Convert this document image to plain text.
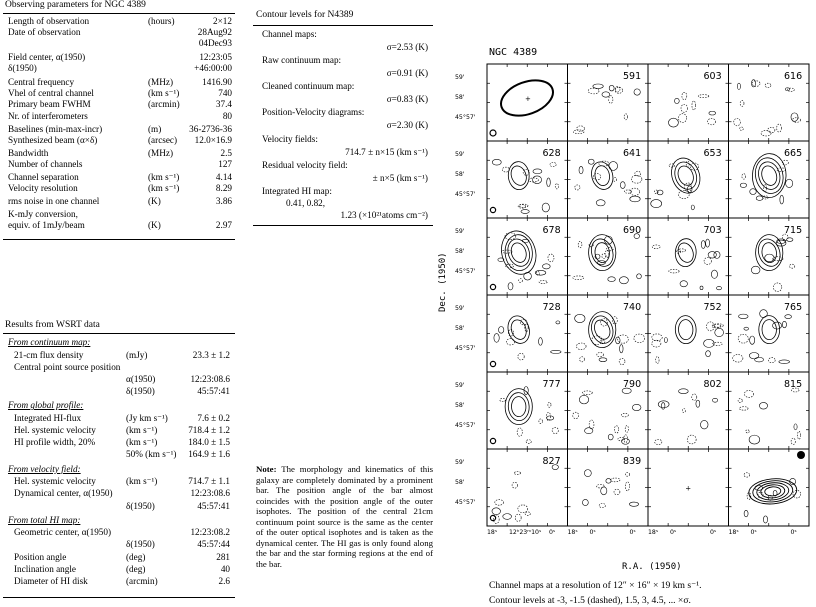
Observing parameters for NGC 4389
Length of observation	(hours)	2×12
Date of observation	28Aug92
04Dec93
Field center, α(1950)	12:23:05
δ(1950)	+46:00:00
Central frequency	(MHz)	1416.90
Vhel of central channel	(km s⁻¹)	740
Primary beam FWHM	(arcmin)	37.4
Nr. of interferometers	80
Baselines (min-max-incr)	(m)	36-2736-36
Synthesized beam (α×δ)	(arcsec) 12.0×16.9
Bandwidth	(MHz)	2.5
Number of channels	127
Channel separation	(km s⁻¹)	4.14
Velocity resolution	(km s⁻¹)	8.29
rms noise in one channel	(K)	3.86
K-mJy conversion,
equiv. of 1mJy/beam	(K)	2.97
Contour levels for N4389
Channel maps:
σ=2.53 (K)
Raw continuum map:
σ=0.91 (K)
Cleaned continuum map:
σ=0.83 (K)
Position-Velocity diagrams:
σ=2.30 (K)
Velocity fields:
714.7 ± n×15 (km s⁻¹)
Residual velocity field:
± n×5 (km s⁻¹)
Integrated HI map:
0.41, 0.82,
1.23 (×10²¹atoms cm⁻²)
Results from WSRT data
From continuum map:
21-cm flux density	(mJy)	23.3 ± 1.2
Central point source position
α(1950)	12:23:08.6
δ(1950)	45:57:41
From global profile:
Integrated HI-flux	(Jy km s⁻¹)	7.6 ± 0.2
Hel. systemic velocity	(km s⁻¹)	718.4 ± 1.2
HI profile width, 20%	(km s⁻¹)	184.0 ± 1.5
50% (km s⁻¹) 164.9 ± 1.6
From velocity field:
Hel. systemic velocity	(km s⁻¹)	714.7 ± 1.1
Dynamical center, α(1950)	12:23:08.6
δ(1950)	45:57:41
From total HI map:
Geometric center, α(1950)	12:23:08.2
δ(1950)	45:57:44
Position angle	(deg)	281
Inclination angle	(deg)	40
Diameter of HI disk	(arcmin)	2.6
Note: The morphology and kinematics of this galaxy are completely dominated by a prominent bar. The position angle of the bar almost coincides with the position angle of the outer isophotes. The position of the central 21cm continuum point source is the same as the center of the outer optical isophotes and is taken as the dynamical center. The HI gas is only found along the bar and the star forming regions at the end of the bar.
NGC 4389
Dec. (1950)
R.A. (1950)
+
591	603	616
628	641	653	665
678	690	703	715
728	740	752	765
777	790	802	815
827	839
+
59'
58'
45°57'
59'
58'
45°57'
59'
58'
45°57'
59'
58'
45°57'
59'
58'
45°57'
59'
58'
45°57'
18ˢ 12ʰ23ᵐ10ˢ 0ˢ 18ˢ 0ˢ	0ˢ 18ˢ 0ˢ	0ˢ 18ˢ 0ˢ	0ˢ
Channel maps at a resolution of 12″ × 16″ × 19 km s⁻¹.
Contour levels at -3, -1.5 (dashed), 1.5, 3, 4.5, ... ×σ.
